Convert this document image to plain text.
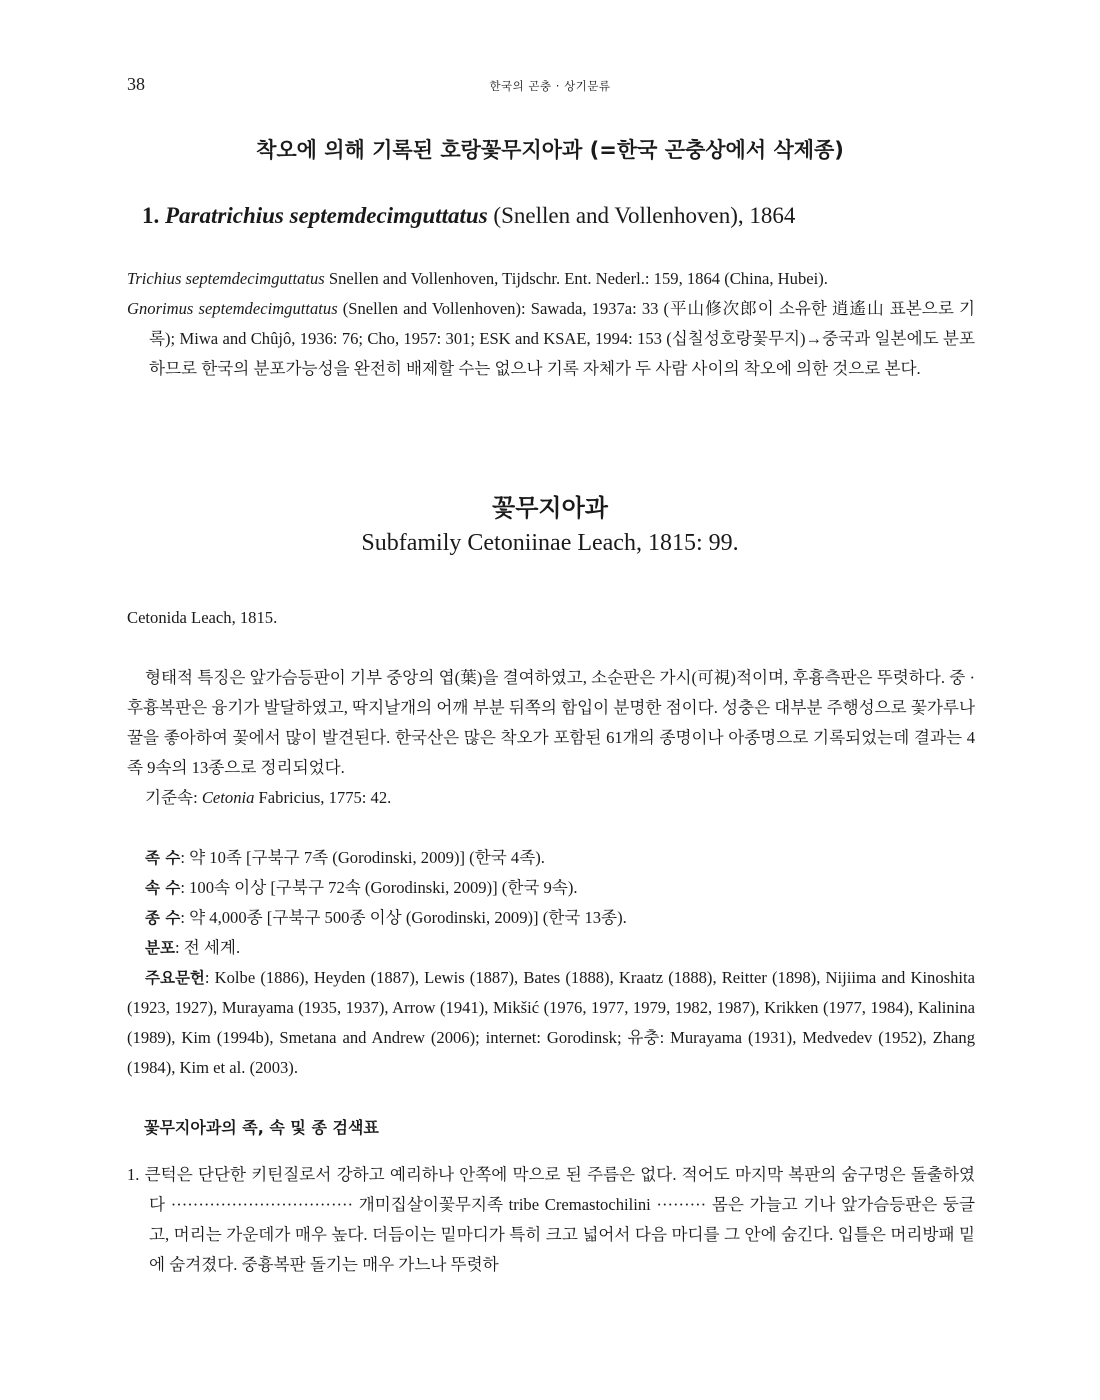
38	한국의 곤충 · 상기문류
착오에 의해 기록된 호랑꽃무지아과 (=한국 곤충상에서 삭제종)
1. Paratrichius septemdecimguttatus (Snellen and Vollenhoven), 1864

Trichius septemdecimguttatus Snellen and Vollenhoven, Tijdschr. Ent. Nederl.: 159, 1864 (China, Hubei).

Gnorimus septemdecimguttatus (Snellen and Vollenhoven): Sawada, 1937a: 33 (平山修次郎이 소유한 逍遙山 표본으로 기록); Miwa and Chûjô, 1936: 76; Cho, 1957: 301; ESK and KSAE, 1994: 153 (십칠성호랑꽃무지)→중국과 일본에도 분포하므로 한국의 분포가능성을 완전히 배제할 수는 없으나 기록 자체가 두 사람 사이의 착오에 의한 것으로 본다.

꽃무지아과
Subfamily Cetoniinae Leach, 1815: 99.
Cetonida Leach, 1815.

형태적 특징은 앞가슴등판이 기부 중앙의 엽(葉)을 결여하였고, 소순판은 가시(可視)적이며, 후흉측판은 뚜렷하다. 중 · 후흉복판은 융기가 발달하였고, 딱지날개의 어깨 부분 뒤쪽의 함입이 분명한 점이다. 성충은 대부분 주행성으로 꽃가루나 꿀을 좋아하여 꽃에서 많이 발견된다. 한국산은 많은 착오가 포함된 61개의 종명이나 아종명으로 기록되었는데 결과는 4족 9속의 13종으로 정리되었다.

기준속: Cetonia Fabricius, 1775: 42.

족 수: 약 10족 [구북구 7족 (Gorodinski, 2009)] (한국 4족).

속 수: 100속 이상 [구북구 72속 (Gorodinski, 2009)] (한국 9속).

종 수: 약 4,000종 [구북구 500종 이상 (Gorodinski, 2009)] (한국 13종).

분포: 전 세계.

주요문헌: Kolbe (1886), Heyden (1887), Lewis (1887), Bates (1888), Kraatz (1888), Reitter (1898), Nijiima and Kinoshita (1923, 1927), Murayama (1935, 1937), Arrow (1941), Mikšić (1976, 1977, 1979, 1982, 1987), Krikken (1977, 1984), Kalinina (1989), Kim (1994b), Smetana and Andrew (2006); internet: Gorodinsk; 유충: Murayama (1931), Medvedev (1952), Zhang (1984), Kim et al. (2003).

꽃무지아과의 족, 속 및 종 검색표

1. 큰턱은 단단한 키틴질로서 강하고 예리하나 안쪽에 막으로 된 주름은 없다. 적어도 마지막 복판의 숨구멍은 돌출하였다 ································· 개미집살이꽃무지족 tribe Cremastochilini ········· 몸은 가늘고 기나 앞가슴등판은 둥글고, 머리는 가운데가 매우 높다. 더듬이는 밑마디가 특히 크고 넓어서 다음 마디를 그 안에 숨긴다. 입틀은 머리방패 밑에 숨겨졌다. 중흉복판 돌기는 매우 가느나 뚜렷하
